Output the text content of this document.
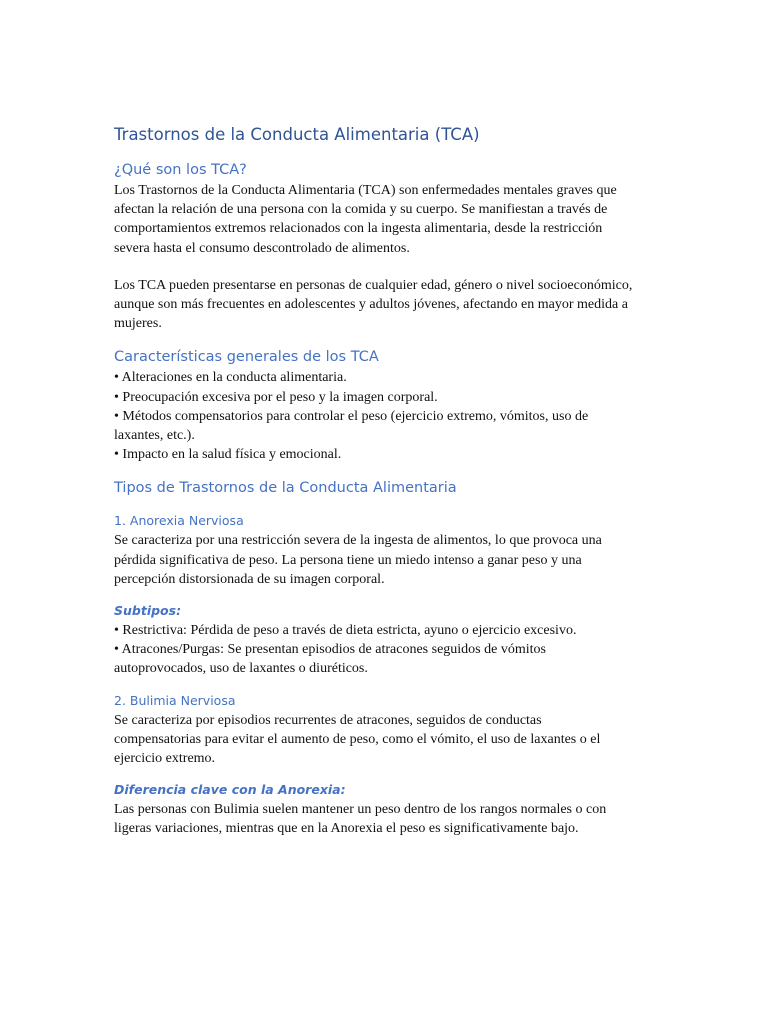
Trastornos de la Conducta Alimentaria (TCA)
¿Qué son los TCA?

Los Trastornos de la Conducta Alimentaria (TCA) son enfermedades mentales graves que
afectan la relación de una persona con la comida y su cuerpo. Se manifiestan a través de
comportamientos extremos relacionados con la ingesta alimentaria, desde la restricción
severa hasta el consumo descontrolado de alimentos.

Los TCA pueden presentarse en personas de cualquier edad, género o nivel socioeconómico,
aunque son más frecuentes en adolescentes y adultos jóvenes, afectando en mayor medida a
mujeres.

Características generales de los TCA

• Alteraciones en la conducta alimentaria.
• Preocupación excesiva por el peso y la imagen corporal.
• Métodos compensatorios para controlar el peso (ejercicio extremo, vómitos, uso de
laxantes, etc.).
• Impacto en la salud física y emocional.

Tipos de Trastornos de la Conducta Alimentaria
1. Anorexia Nerviosa

Se caracteriza por una restricción severa de la ingesta de alimentos, lo que provoca una
pérdida significativa de peso. La persona tiene un miedo intenso a ganar peso y una
percepción distorsionada de su imagen corporal.

Subtipos:

• Restrictiva: Pérdida de peso a través de dieta estricta, ayuno o ejercicio excesivo.
• Atracones/Purgas: Se presentan episodios de atracones seguidos de vómitos
autoprovocados, uso de laxantes o diuréticos.

2. Bulimia Nerviosa

Se caracteriza por episodios recurrentes de atracones, seguidos de conductas
compensatorias para evitar el aumento de peso, como el vómito, el uso de laxantes o el
ejercicio extremo.

Diferencia clave con la Anorexia:

Las personas con Bulimia suelen mantener un peso dentro de los rangos normales o con
ligeras variaciones, mientras que en la Anorexia el peso es significativamente bajo.
